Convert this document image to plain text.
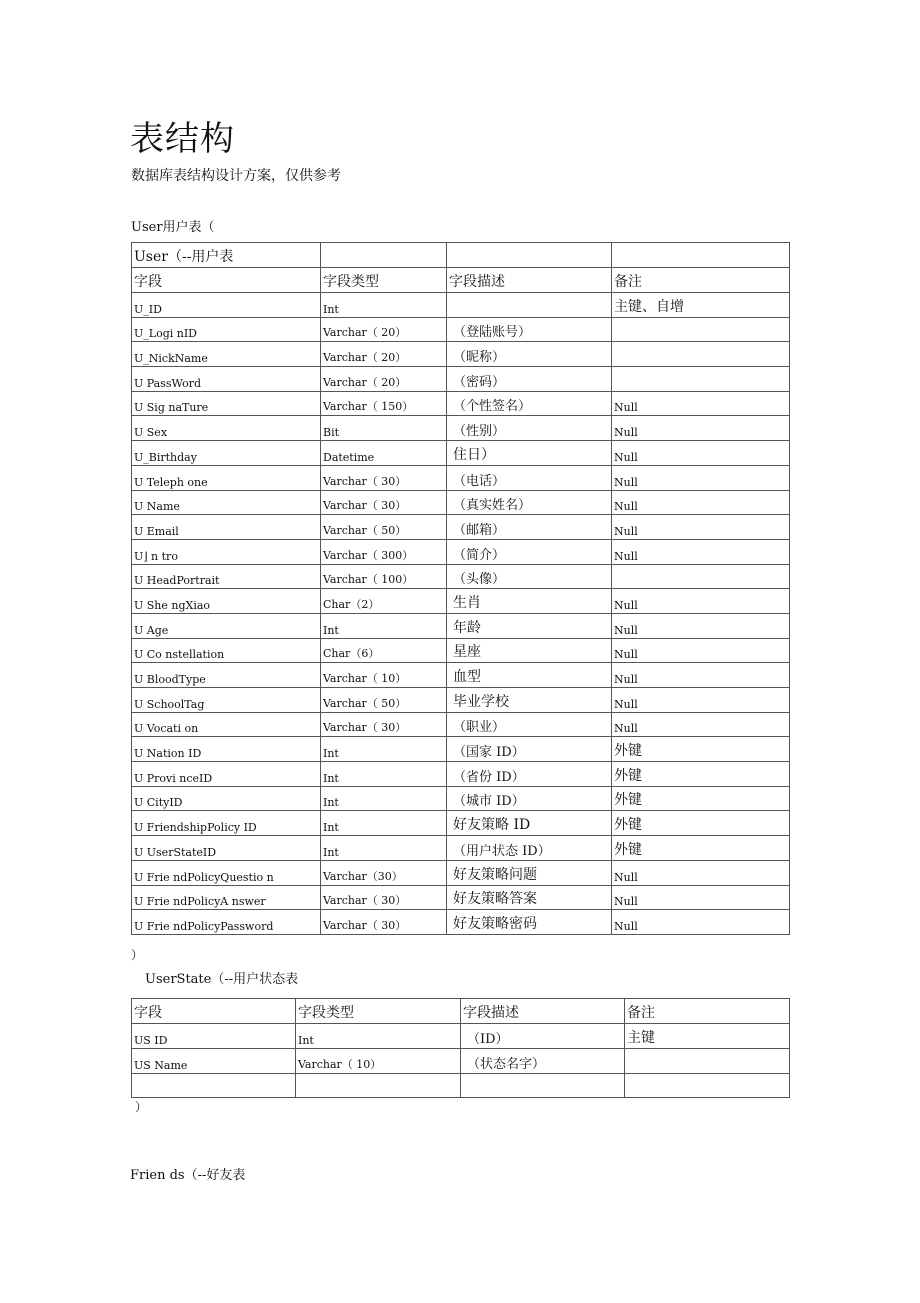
表结构
数据库表结构设计方案，仅供参考
User用户表（
User（--用户表			
字段	字段类型	字段描述	备注
U_ID	Int		主键、自增
U_Logi nID	Varchar（ 20）	（登陆账号）	
U_NickName	Varchar（ 20）	（昵称）	
U PassWord	Varchar（ 20）	（密码）	
U Sig naTure	Varchar（ 150）	（个性签名）	Null
U Sex	Bit	（性别）	Null
U_Birthday	Datetime	住日）	Null
U Teleph one	Varchar（ 30）	（电话）	Null
U Name	Varchar（ 30）	（真实姓名）	Null
U Email	Varchar（ 50）	（邮箱）	Null
U⌋ n tro	Varchar（ 300）	（简介）	Null
U HeadPortrait	Varchar（ 100）	（头像）	
U She ngXiao	Char（2）	生肖	Null
U Age	Int	年龄	Null
U Co nstellation	Char（6）	星座	Null
U BloodType	Varchar（ 10）	血型	Null
U SchoolTag	Varchar（ 50）	毕业学校	Null
U Vocati on	Varchar（ 30）	（职业）	Null
U Nation ID	Int	（国家 ID）	外键
U Provi nceID	Int	（省份 ID）	外键
U CityID	Int	（城市 ID）	外键
U FriendshipPolicy ID	Int	好友策略 ID	外键
U UserStateID	Int	（用户状态 ID）	外键
U Frie ndPolicyQuestio n	Varchar（30）	好友策略问题	Null
U Frie ndPolicyA nswer	Varchar（ 30）	好友策略答案	Null
U Frie ndPolicyPassword	Varchar（ 30）	好友策略密码	Null
）
UserState（--用户状态表
字段	字段类型	字段描述	备注
US ID	Int	（ID）	主键
US Name	Varchar（ 10）	（状态名字）	

）
Frien ds（--好友表
